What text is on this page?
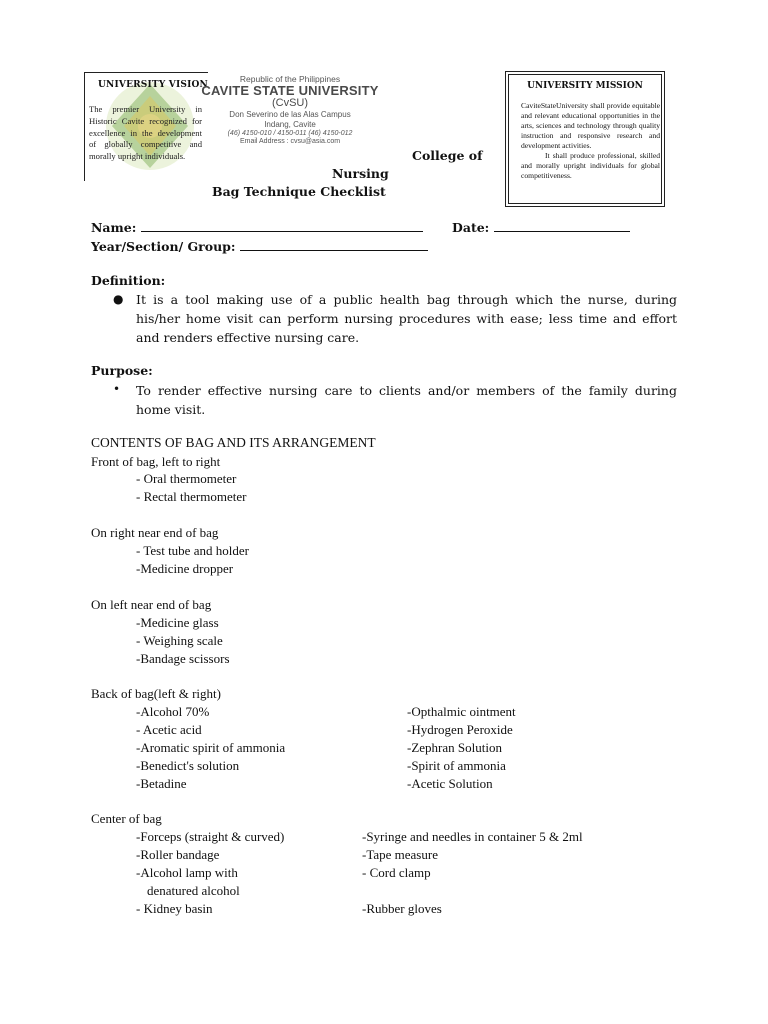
UNIVERSITY VISION
The premier University in Historic Cavite recognized for excellence in the development of globally competitive and morally upright individuals.
Republic of the Philippines
CAVITE STATE UNIVERSITY
(CvSU)
Don Severino de las Alas Campus
Indang, Cavite
(46) 4150-010 / 4150-011 (46) 4150-012
Email Address : cvsu@asia.com
College of
Nursing
Bag Technique Checklist
UNIVERSITY MISSION

CaviteStateUniversity shall provide equitable and relevant educational opportunities in the arts, sciences and technology through quality instruction and responsive research and development activities.

It shall produce professional, skilled and morally upright individuals for global competitiveness.

Name:	Date:
Year/Section/ Group:
Definition:
● It is a tool making use of a public health bag through which the nurse, during his/her home visit can perform nursing procedures with ease; less time and effort and renders effective nursing care.
Purpose:
• To render effective nursing care to clients and/or members of the family during home visit.
CONTENTS OF BAG AND ITS ARRANGEMENT
Front of bag, left to right
- Oral thermometer
- Rectal thermometer
On right near end of bag
- Test tube and holder
-Medicine dropper
On left near end of bag
-Medicine glass
- Weighing scale
-Bandage scissors
Back of bag(left & right)
-Alcohol 70%
- Acetic acid
-Aromatic spirit of ammonia
-Benedict's solution
-Betadine
-Opthalmic ointment
-Hydrogen Peroxide
-Zephran Solution
-Spirit of ammonia
-Acetic Solution
Center of bag
-Forceps (straight & curved)
-Roller bandage
-Alcohol lamp with
denatured alcohol
- Kidney basin
-Syringe and needles in container 5 & 2ml
-Tape measure
- Cord clamp
-Rubber gloves
